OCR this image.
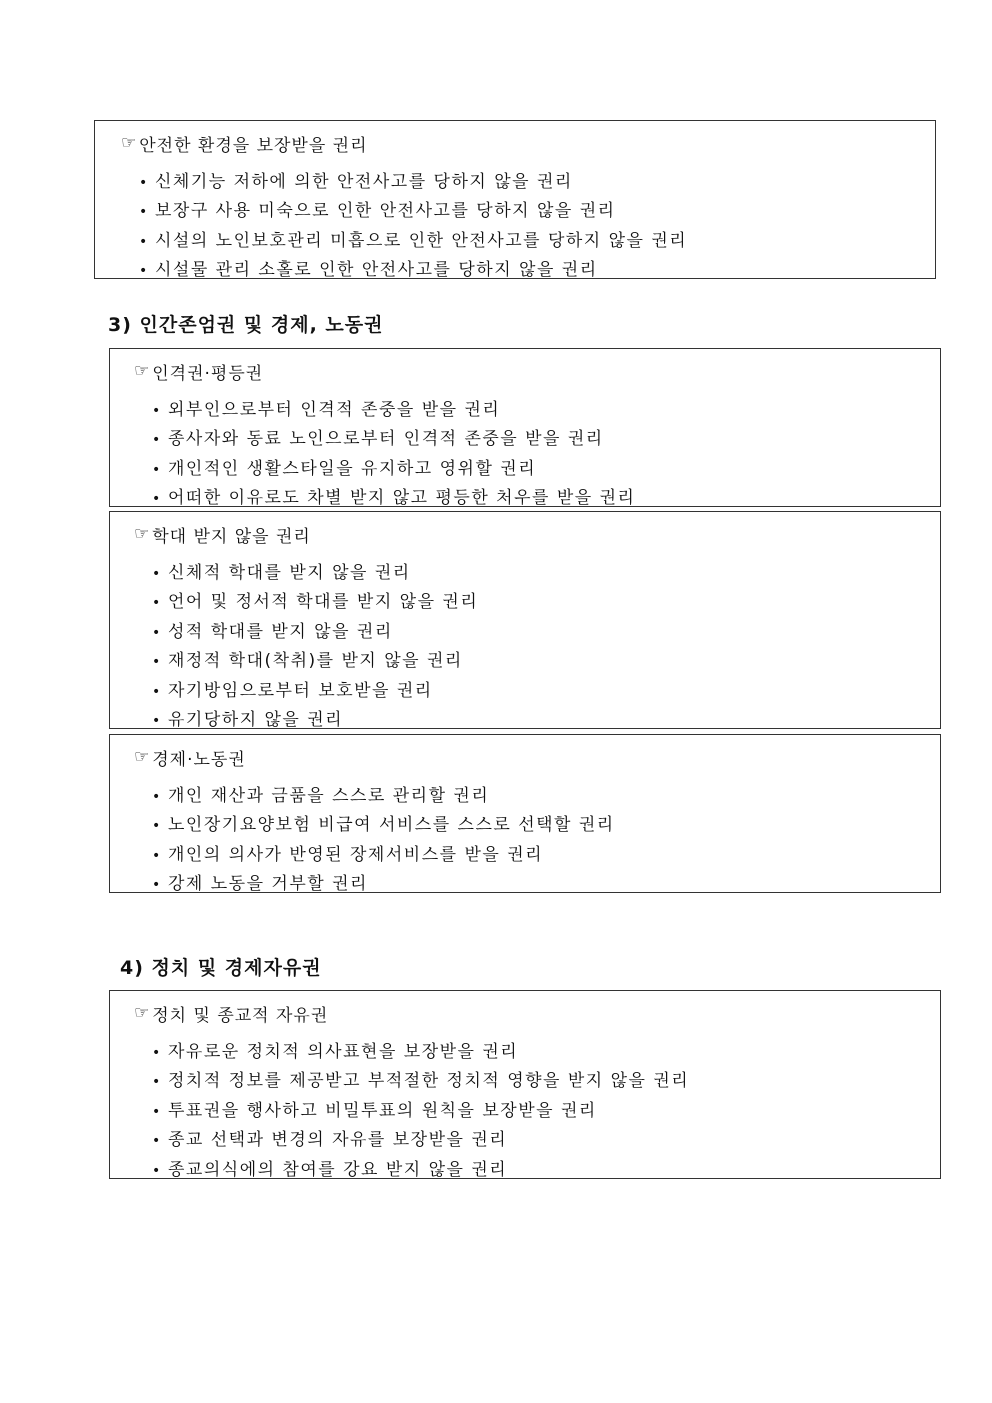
☞ 안전한 환경을 보장받을 권리
• 신체기능 저하에 의한 안전사고를 당하지 않을 권리
• 보장구 사용 미숙으로 인한 안전사고를 당하지 않을 권리
• 시설의 노인보호관리 미흡으로 인한 안전사고를 당하지 않을 권리
• 시설물 관리 소홀로 인한 안전사고를 당하지 않을 권리
3) 인간존엄권 및 경제, 노동권
☞ 인격권·평등권
• 외부인으로부터 인격적 존중을 받을 권리
• 종사자와 동료 노인으로부터 인격적 존중을 받을 권리
• 개인적인 생활스타일을 유지하고 영위할 권리
• 어떠한 이유로도 차별 받지 않고 평등한 처우를 받을 권리
☞ 학대 받지 않을 권리
• 신체적 학대를 받지 않을 권리
• 언어 및 정서적 학대를 받지 않을 권리
• 성적 학대를 받지 않을 권리
• 재정적 학대(착취)를 받지 않을 권리
• 자기방임으로부터 보호받을 권리
• 유기당하지 않을 권리
☞ 경제·노동권
• 개인 재산과 금품을 스스로 관리할 권리
• 노인장기요양보험 비급여 서비스를 스스로 선택할 권리
• 개인의 의사가 반영된 장제서비스를 받을 권리
• 강제 노동을 거부할 권리
4) 정치 및 경제자유권
☞ 정치 및 종교적 자유권
• 자유로운 정치적 의사표현을 보장받을 권리
• 정치적 정보를 제공받고 부적절한 정치적 영향을 받지 않을 권리
• 투표권을 행사하고 비밀투표의 원칙을 보장받을 권리
• 종교 선택과 변경의 자유를 보장받을 권리
• 종교의식에의 참여를 강요 받지 않을 권리
